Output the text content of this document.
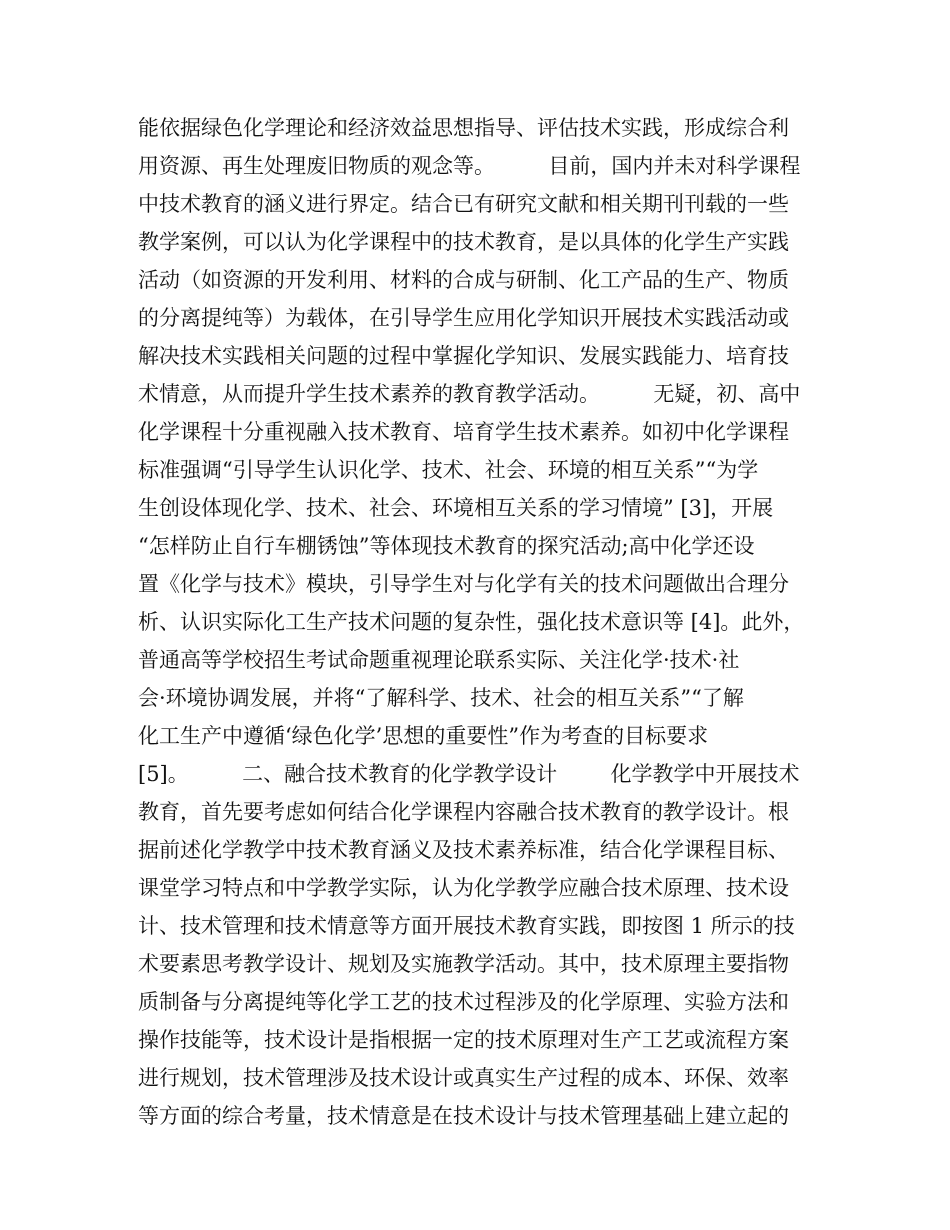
能依据绿色化学理论和经济效益思想指导、评估技术实践，形成综合利
用资源、再生处理废旧物质的观念等。        目前，国内并未对科学课程
中技术教育的涵义进行界定。结合已有研究文献和相关期刊刊载的一些
教学案例，可以认为化学课程中的技术教育，是以具体的化学生产实践
活动（如资源的开发利用、材料的合成与研制、化工产品的生产、物质
的分离提纯等）为载体，在引导学生应用化学知识开展技术实践活动或
解决技术实践相关问题的过程中掌握化学知识、发展实践能力、培育技
术情意，从而提升学生技术素养的教育教学活动。        无疑，初、高中
化学课程十分重视融入技术教育、培育学生技术素养。如初中化学课程
标准强调“引导学生认识化学、技术、社会、环境的相互关系”“为学
生创设体现化学、技术、社会、环境相互关系的学习情境” [3]，开展
“怎样防止自行车棚锈蚀”等体现技术教育的探究活动;高中化学还设
置《化学与技术》模块，引导学生对与化学有关的技术问题做出合理分
析、认识实际化工生产技术问题的复杂性，强化技术意识等 [4]。此外，
普通高等学校招生考试命题重视理论联系实际、关注化学·技术·社
会·环境协调发展，并将“了解科学、技术、社会的相互关系”“了解
化工生产中遵循‘绿色化学’思想的重要性”作为考查的目标要求
[5]。        二、融合技术教育的化学教学设计        化学教学中开展技术
教育，首先要考虑如何结合化学课程内容融合技术教育的教学设计。根
据前述化学教学中技术教育涵义及技术素养标准，结合化学课程目标、
课堂学习特点和中学教学实际，认为化学教学应融合技术原理、技术设
计、技术管理和技术情意等方面开展技术教育实践，即按图 1 所示的技
术要素思考教学设计、规划及实施教学活动。其中，技术原理主要指物
质制备与分离提纯等化学工艺的技术过程涉及的化学原理、实验方法和
操作技能等，技术设计是指根据一定的技术原理对生产工艺或流程方案
进行规划，技术管理涉及技术设计或真实生产过程的成本、环保、效率
等方面的综合考量，技术情意是在技术设计与技术管理基础上建立起的
